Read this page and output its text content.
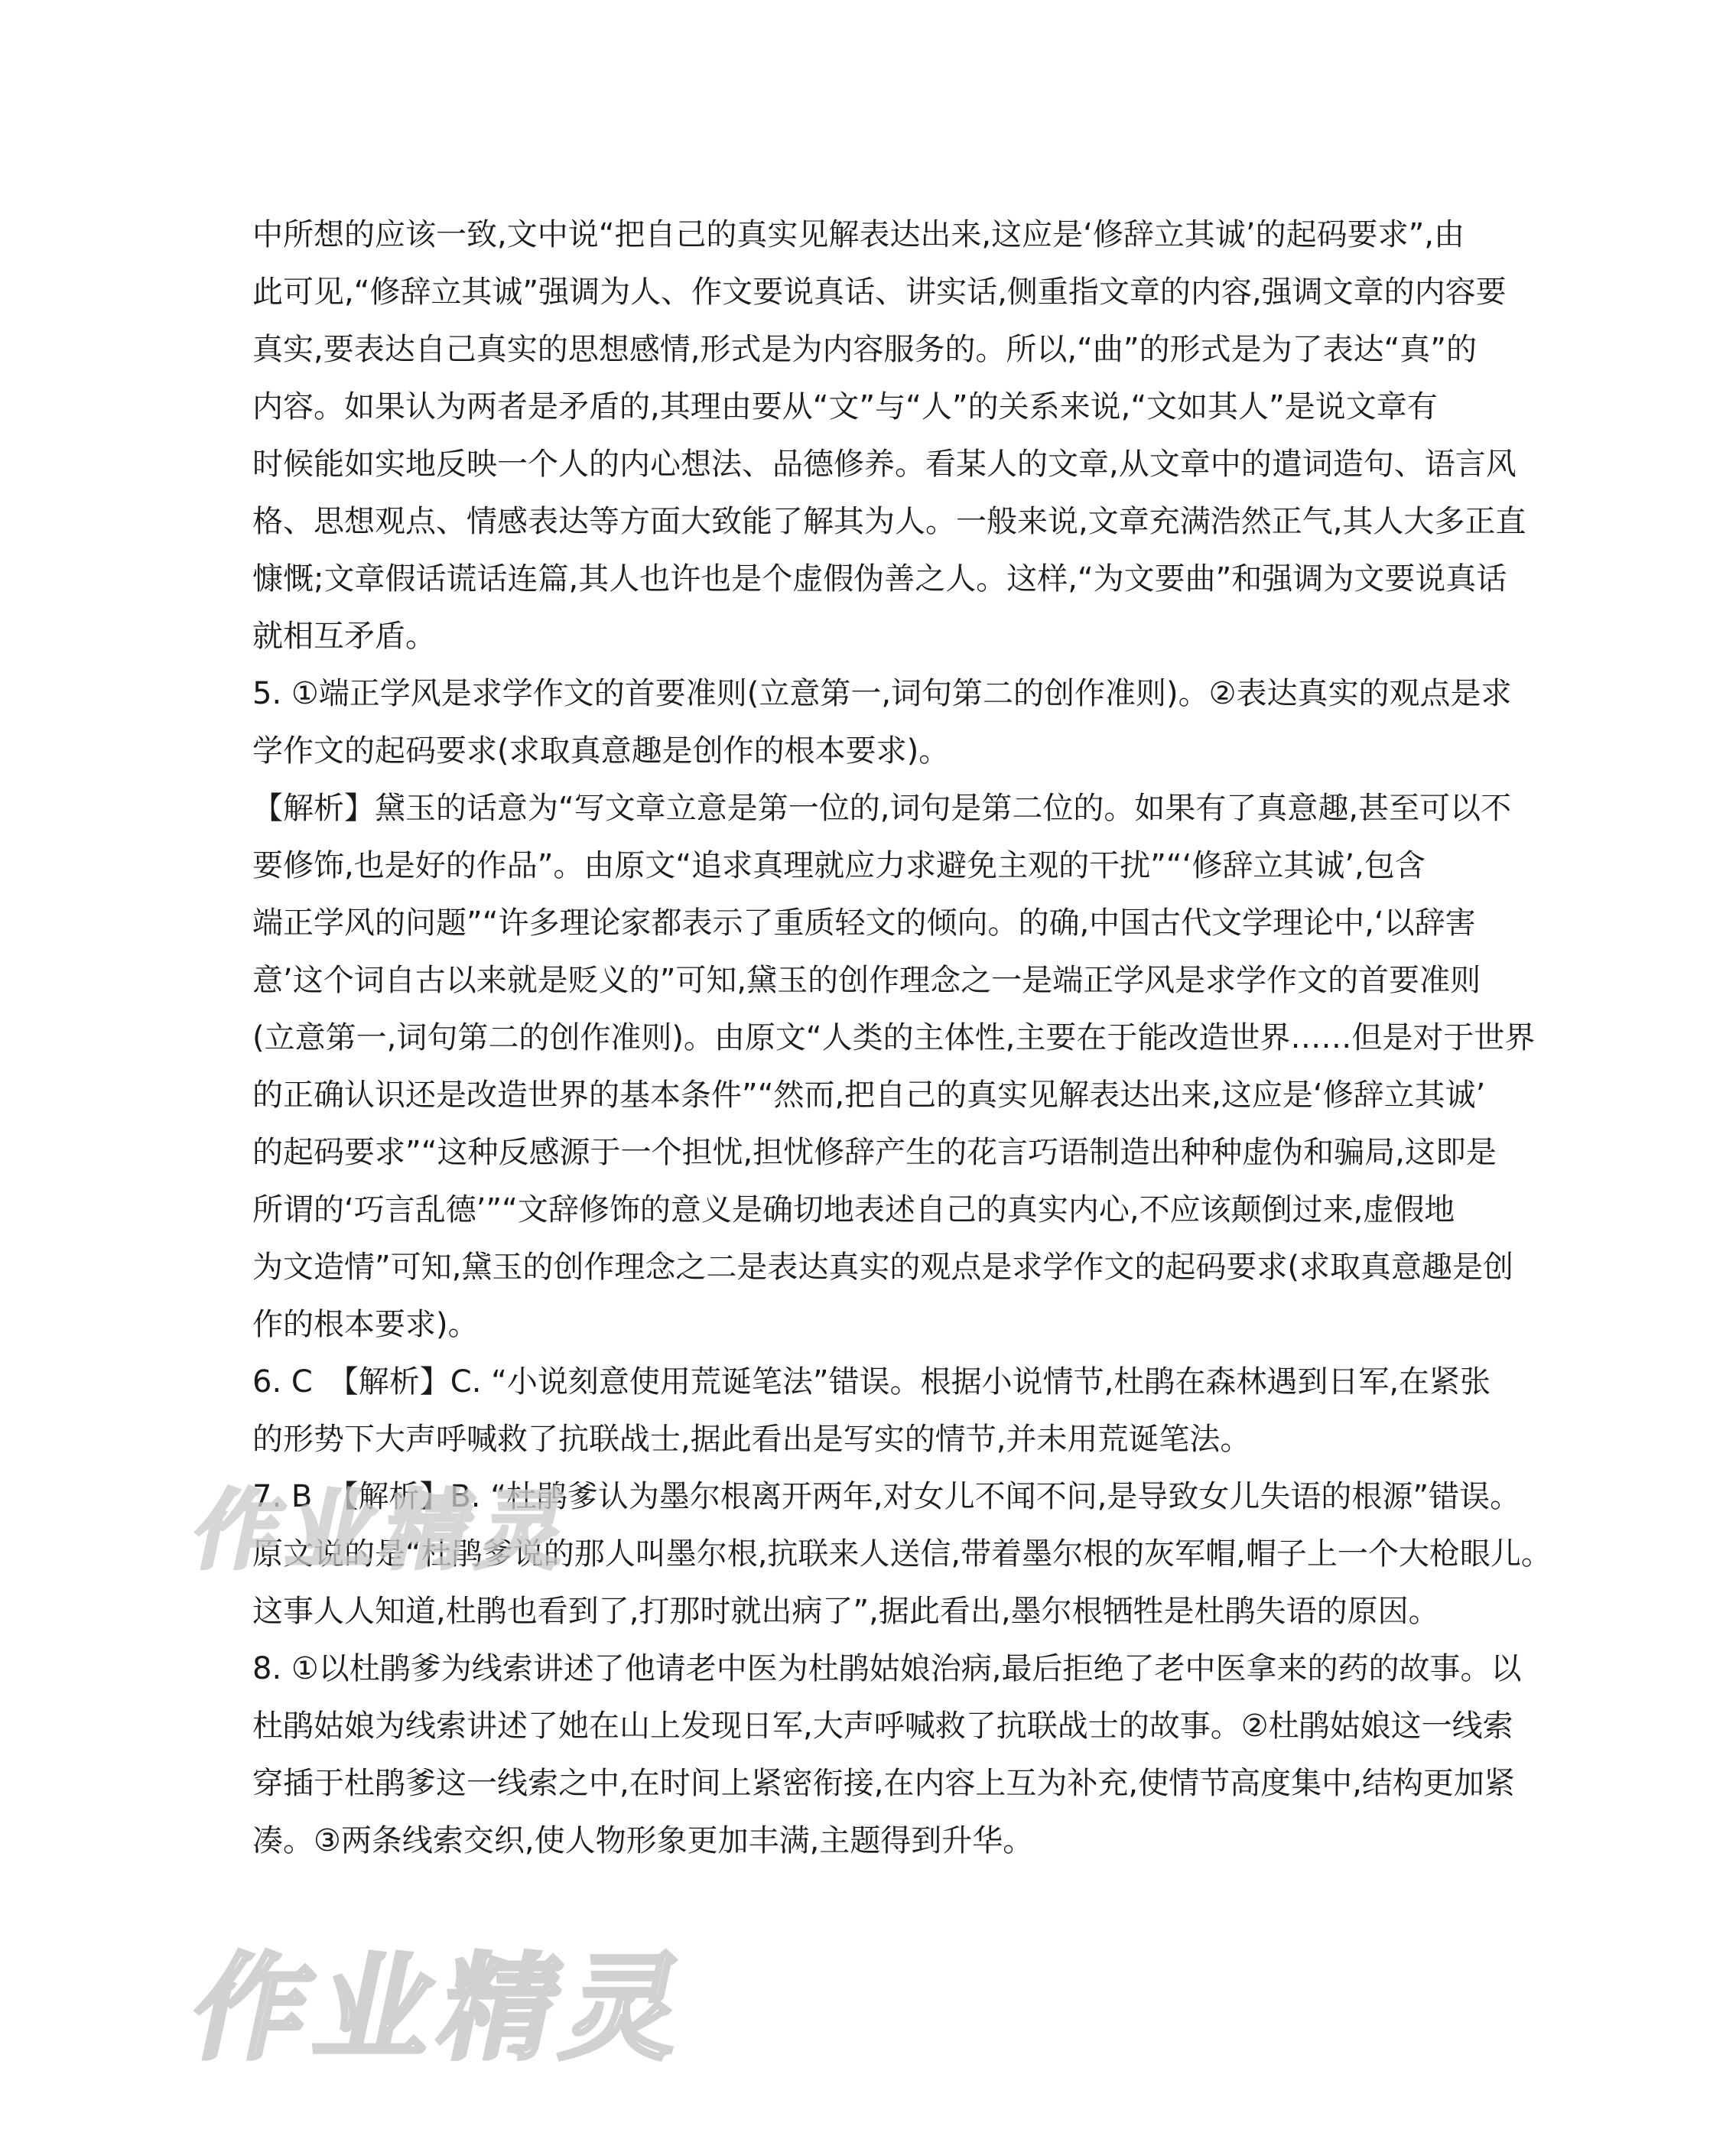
中所想的应该一致,文中说“把自己的真实见解表达出来,这应是‘修辞立其诚’的起码要求”,由
此可见,“修辞立其诚”强调为人、作文要说真话、讲实话,侧重指文章的内容,强调文章的内容要
真实,要表达自己真实的思想感情,形式是为内容服务的。所以,“曲”的形式是为了表达“真”的
内容。如果认为两者是矛盾的,其理由要从“文”与“人”的关系来说,“文如其人”是说文章有
时候能如实地反映一个人的内心想法、品德修养。看某人的文章,从文章中的遣词造句、语言风
格、思想观点、情感表达等方面大致能了解其为人。一般来说,文章充满浩然正气,其人大多正直
慷慨;文章假话谎话连篇,其人也许也是个虚假伪善之人。这样,“为文要曲”和强调为文要说真话
就相互矛盾。
5. ①端正学风是求学作文的首要准则(立意第一,词句第二的创作准则)。②表达真实的观点是求
学作文的起码要求(求取真意趣是创作的根本要求)。
【解析】黛玉的话意为“写文章立意是第一位的,词句是第二位的。如果有了真意趣,甚至可以不
要修饰,也是好的作品”。由原文“追求真理就应力求避免主观的干扰”“‘修辞立其诚’,包含
端正学风的问题”“许多理论家都表示了重质轻文的倾向。的确,中国古代文学理论中,‘以辞害
意’这个词自古以来就是贬义的”可知,黛玉的创作理念之一是端正学风是求学作文的首要准则
(立意第一,词句第二的创作准则)。由原文“人类的主体性,主要在于能改造世界……但是对于世界
的正确认识还是改造世界的基本条件”“然而,把自己的真实见解表达出来,这应是‘修辞立其诚’
的起码要求”“这种反感源于一个担忧,担忧修辞产生的花言巧语制造出种种虚伪和骗局,这即是
所谓的‘巧言乱德’”“文辞修饰的意义是确切地表述自己的真实内心,不应该颠倒过来,虚假地
为文造情”可知,黛玉的创作理念之二是表达真实的观点是求学作文的起码要求(求取真意趣是创
作的根本要求)。
6. C　【解析】C. “小说刻意使用荒诞笔法”错误。根据小说情节,杜鹃在森林遇到日军,在紧张
的形势下大声呼喊救了抗联战士,据此看出是写实的情节,并未用荒诞笔法。
7. B　【解析】B. “杜鹃爹认为墨尔根离开两年,对女儿不闻不问,是导致女儿失语的根源”错误。
原文说的是“杜鹃爹说的那人叫墨尔根,抗联来人送信,带着墨尔根的灰军帽,帽子上一个大枪眼儿。
这事人人知道,杜鹃也看到了,打那时就出病了”,据此看出,墨尔根牺牲是杜鹃失语的原因。
8. ①以杜鹃爹为线索讲述了他请老中医为杜鹃姑娘治病,最后拒绝了老中医拿来的药的故事。以
杜鹃姑娘为线索讲述了她在山上发现日军,大声呼喊救了抗联战士的故事。②杜鹃姑娘这一线索
穿插于杜鹃爹这一线索之中,在时间上紧密衔接,在内容上互为补充,使情节高度集中,结构更加紧
凑。③两条线索交织,使人物形象更加丰满,主题得到升华。
作业精灵
作业精灵
